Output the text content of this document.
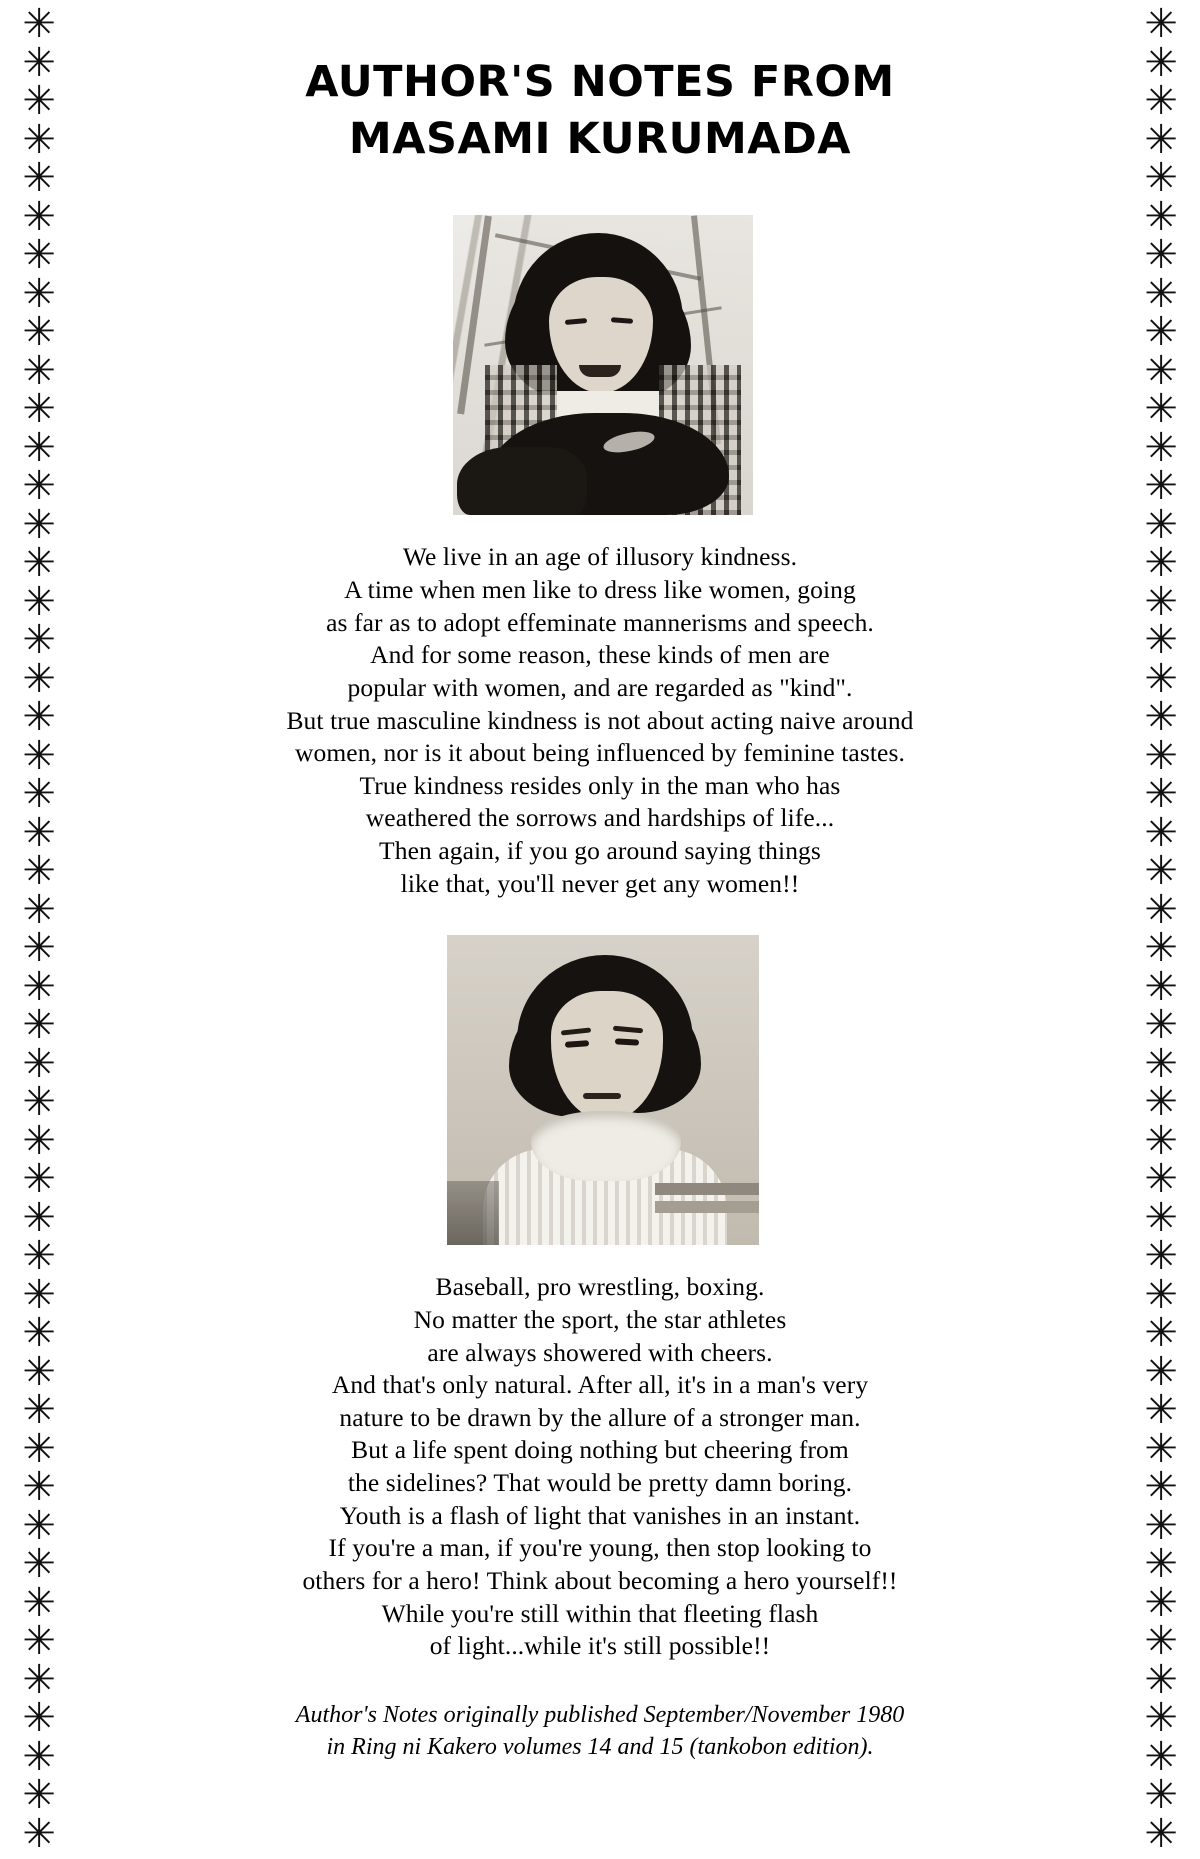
✳
✳
✳
✳
✳
✳
✳
✳
✳
✳
✳
✳
✳
✳
✳
✳
✳
✳
✳
✳
✳
✳
✳
✳
✳
✳
✳
✳
✳
✳
✳
✳
✳
✳
✳
✳
✳
✳
✳
✳
✳
✳
✳
✳
✳
✳
✳
✳
AUTHOR'S NOTES FROM
MASAMI KURUMADA
We live in an age of illusory kindness.
A time when men like to dress like women, going
as far as to adopt effeminate mannerisms and speech.
And for some reason, these kinds of men are
popular with women, and are regarded as "kind".
But true masculine kindness is not about acting naive around
women, nor is it about being influenced by feminine tastes.
True kindness resides only in the man who has
weathered the sorrows and hardships of life...
Then again, if you go around saying things
like that, you'll never get any women!!
Baseball, pro wrestling, boxing.
No matter the sport, the star athletes
are always showered with cheers.
And that's only natural. After all, it's in a man's very
nature to be drawn by the allure of a stronger man.
But a life spent doing nothing but cheering from
the sidelines? That would be pretty damn boring.
Youth is a flash of light that vanishes in an instant.
If you're a man, if you're young, then stop looking to
others for a hero! Think about becoming a hero yourself!!
While you're still within that fleeting flash
of light...while it's still possible!!
Author's Notes originally published September/November 1980
in Ring ni Kakero volumes 14 and 15 (tankobon edition).
✳
✳
✳
✳
✳
✳
✳
✳
✳
✳
✳
✳
✳
✳
✳
✳
✳
✳
✳
✳
✳
✳
✳
✳
✳
✳
✳
✳
✳
✳
✳
✳
✳
✳
✳
✳
✳
✳
✳
✳
✳
✳
✳
✳
✳
✳
✳
✳
